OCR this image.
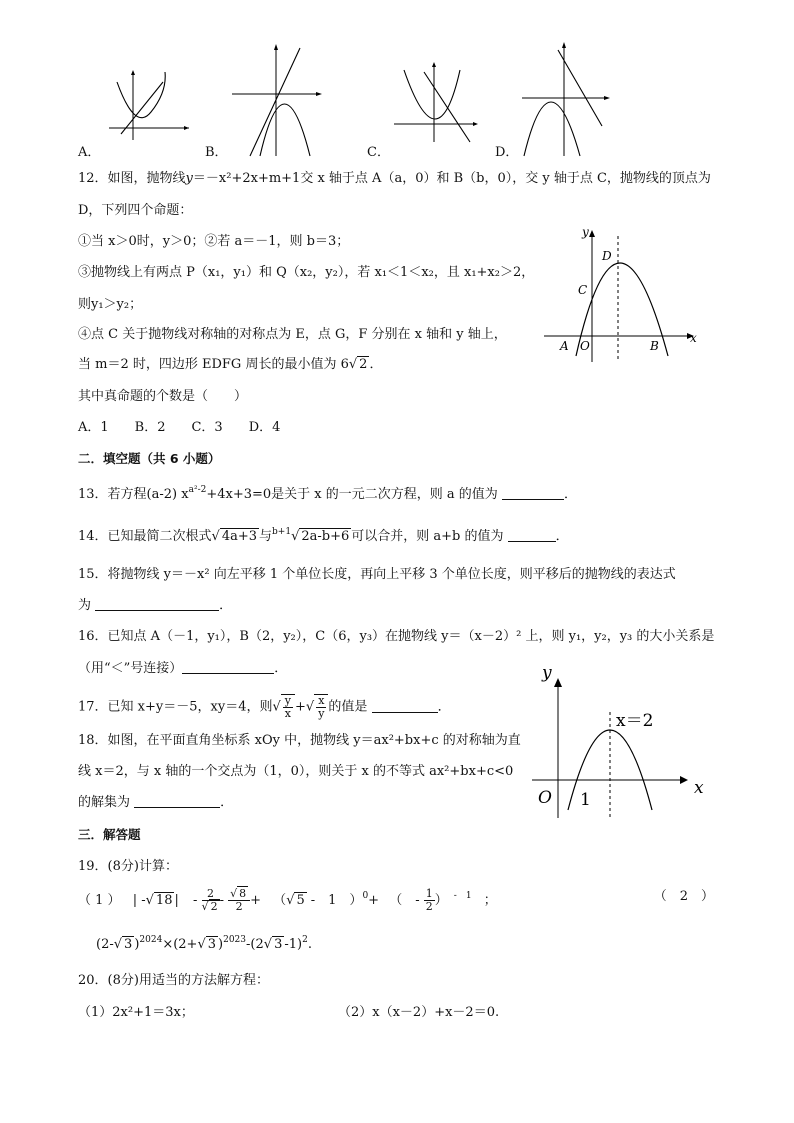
A．	B．	C．	D．
12．如图，抛物线y＝－x²+2x+m+1交 x 轴于点 A（a，0）和 B（b，0），交 y 轴于点 C，抛物线的顶点为
D，下列四个命题：
①当 x＞0时，y＞0；②若 a＝－1，则 b＝3；
③抛物线上有两点 P（x₁，y₁）和 Q（x₂，y₂），若 x₁＜1＜x₂，且 x₁+x₂＞2，
则y₁＞y₂；
④点 C 关于抛物线对称轴的对称点为 E，点 G，F 分别在 x 轴和 y 轴上，
当 m＝2 时，四边形 EDFG 周长的最小值为 6√ 2 ．
其中真命题的个数是（　　）
A．1　　B．2　　C．3　　D．4
y
x
D
C
A O	B
二．填空题（共 6 小题）
13．若方程(a-2) $x^{a^2-2}+4x+3=0$是关于 x 的一元二次方程，则 a 的值为	．
14．已知最简二次根式√ 4a+3 与$^{b+1}$√ 2a-b+6 可以合并，则 a+b 的值为	．
15．将抛物线 y＝－x² 向左平移 1 个单位长度，再向上平移 3 个单位长度，则平移后的抛物线的表达式
为	．
16．已知点 A（－1，y₁），B（2，y₂），C（6，y₃）在抛物线 y＝（x－2）² 上，则 y₁，y₂，y₃ 的大小关系是
（用“＜”号连接）	．
17．已知 x+y＝－5，xy＝4，则√ $\frac{y}{x}$ +√ $\frac{x}{y}$ 的值是	．
18．如图，在平面直角坐标系 xOy 中，抛物线 y＝ax²+bx+c 的对称轴为直
线 x＝2，与 x 轴的一个交点为（1，0），则关于 x 的不等式 ax²+bx+c<0
的解集为	．
y
x
O 1
x＝2
三．解答题
19．(8分)计算：
（ 1 ） | -√ 18 | - $\frac{2}{√ 2} - \frac{√ 8}{2}$ + （√ 5 -　1　）$^0$+ （　- $\frac{1}{2}$ ） $^{- 1}$ ；	（　2　）
(2-√ 3 )$^{2024}$×(2+√ 3 )$^{2023}$-(2√ 3 -1)$^2$.
20．(8分)用适当的方法解方程：
（1）2x²+1＝3x；	（2）x（x－2）+x－2＝0.
